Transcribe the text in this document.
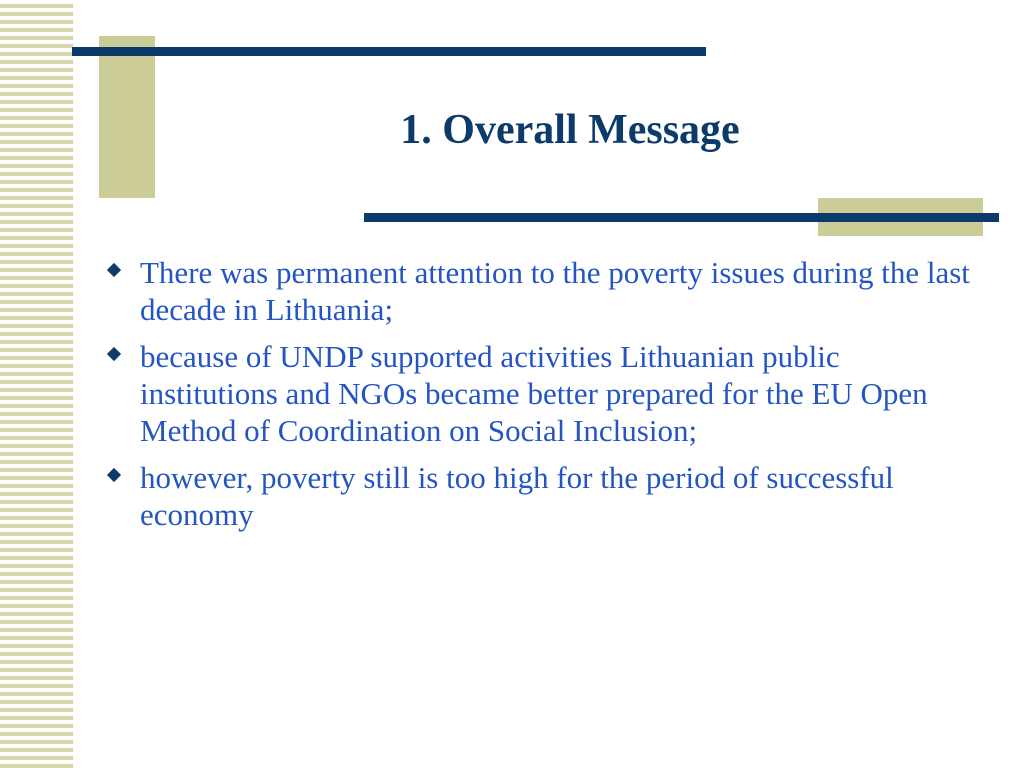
1. Overall Message
There was permanent attention to the poverty issues during the last decade in Lithuania;
because of UNDP supported activities Lithuanian public institutions and NGOs became better prepared for the EU Open Method of Coordination on Social Inclusion;
however, poverty still is too high for the period of successful economy
